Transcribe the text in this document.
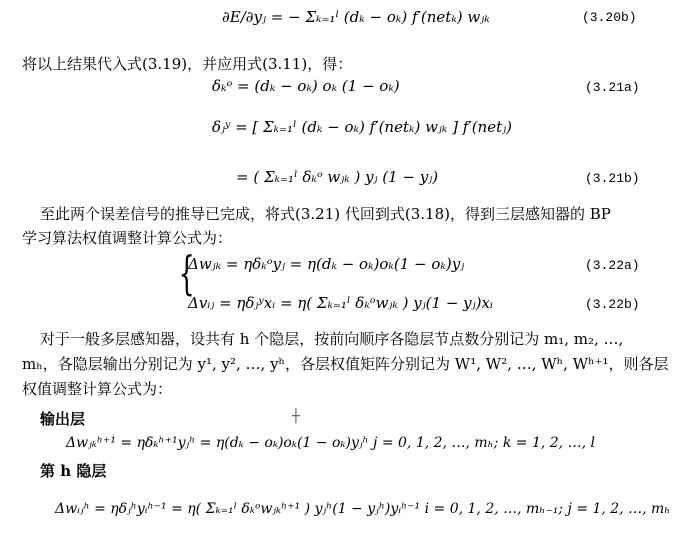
∂E/∂yⱼ = − Σₖ₌₁ˡ (dₖ − oₖ) f′(netₖ) wⱼₖ	(3.20b)
将以上结果代入式(3.19)，并应用式(3.11)，得：
δₖᵒ = (dₖ − oₖ) oₖ (1 − oₖ)	(3.21a)
δⱼʸ = [ Σₖ₌₁ˡ (dₖ − oₖ) f′(netₖ) wⱼₖ ] f′(netⱼ)
= ( Σₖ₌₁ˡ δₖᵒ wⱼₖ ) yⱼ (1 − yⱼ)	(3.21b)
至此两个误差信号的推导已完成，将式(3.21) 代回到式(3.18)，得到三层感知器的 BP
学习算法权值调整计算公式为：
{
Δwⱼₖ = ηδₖᵒyⱼ = η(dₖ − oₖ)oₖ(1 − oₖ)yⱼ	(3.22a)
Δvᵢⱼ = ηδⱼʸxᵢ = η( Σₖ₌₁ˡ δₖᵒwⱼₖ ) yⱼ(1 − yⱼ)xᵢ	(3.22b)
对于一般多层感知器，设共有 h 个隐层，按前向顺序各隐层节点数分别记为 m₁, m₂, …,
mₕ，各隐层输出分别记为 y¹, y², …, yʰ，各层权值矩阵分别记为 W¹, W², …, Wʰ, Wʰ⁺¹，则各层
权值调整计算公式为：
输出层	┼
Δwⱼₖʰ⁺¹ = ηδₖʰ⁺¹yⱼʰ = η(dₖ − oₖ)oₖ(1 − oₖ)yⱼʰ j = 0, 1, 2, …, mₕ; k = 1, 2, …, l
第 h 隐层
Δwᵢⱼʰ = ηδⱼʰyᵢʰ⁻¹ = η( Σₖ₌₁ˡ δₖᵒwⱼₖʰ⁺¹ ) yⱼʰ(1 − yⱼʰ)yᵢʰ⁻¹ i = 0, 1, 2, …, mₕ₋₁; j = 1, 2, …, mₕ
